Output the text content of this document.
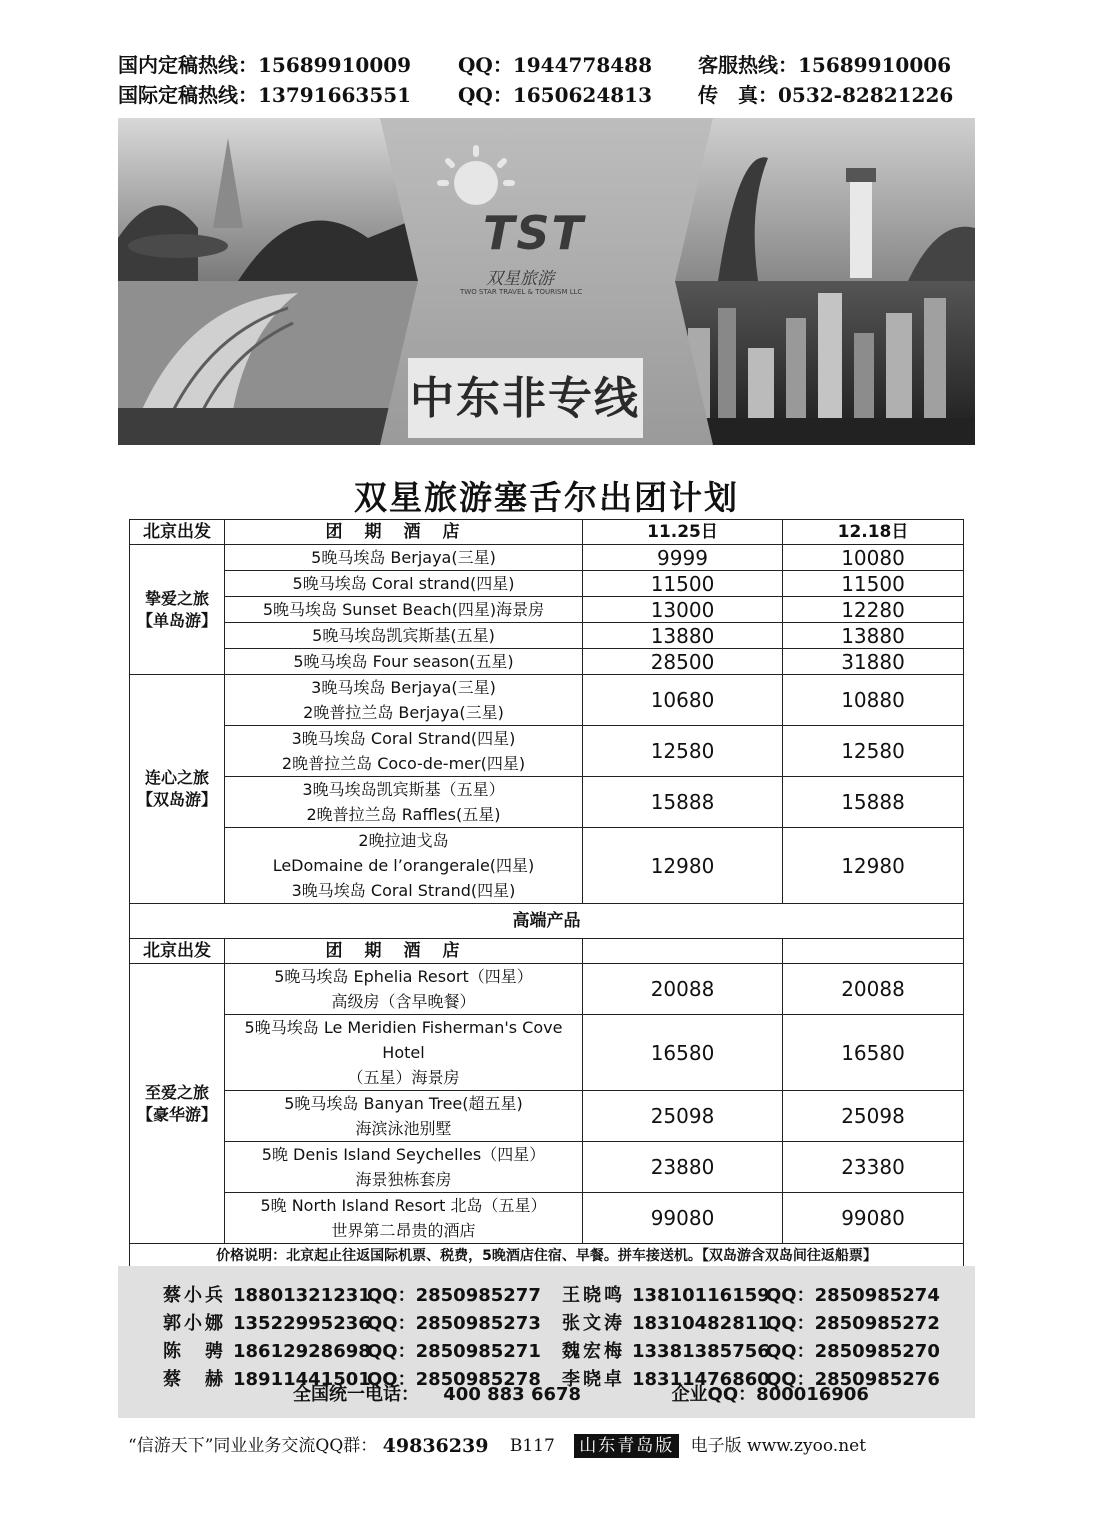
国内定稿热线：15689910009	QQ：1944778488	客服热线：15689910006
国际定稿热线：13791663551	QQ：1650624813	传　真：0532-82821226
TST
双星旅游
TWO STAR TRAVEL & TOURISM LLC
中东非专线
双星旅游塞舌尔出团计划
北京出发	团期酒店	11.25日	12.18日

挚爱之旅
【单岛游】	5晚马埃岛 Berjaya(三星)	9999	10080

	5晚马埃岛 Coral strand(四星)	11500	11500

	5晚马埃岛 Sunset Beach(四星)海景房	13000	12280

	5晚马埃岛凯宾斯基(五星)	13880	13880

	5晚马埃岛 Four season(五星)	28500	31880

连心之旅
【双岛游】	3晚马埃岛 Berjaya(三星)
2晚普拉兰岛 Berjaya(三星)	10680	10880

	3晚马埃岛 Coral Strand(四星)
2晚普拉兰岛 Coco-de-mer(四星)	12580	12580

	3晚马埃岛凯宾斯基（五星）
2晚普拉兰岛 Raffles(五星)	15888	15888

	2晚拉迪戈岛
LeDomaine de l’orangerale(四星)
3晚马埃岛 Coral Strand(四星)	12980	12980
高端产品			
北京出发	团期酒店		

至爱之旅
【豪华游】	5晚马埃岛 Ephelia Resort（四星）
高级房（含早晚餐）	20088	20088

	5晚马埃岛 Le Meridien Fisherman's Cove Hotel
（五星）海景房	16580	16580

	5晚马埃岛 Banyan Tree(超五星)
海滨泳池别墅	25098	25098

	5晚 Denis Island Seychelles（四星）
海景独栋套房	23880	23380

	5晚 North Island Resort 北岛（五星）
世界第二昂贵的酒店	99080	99080
价格说明：北京起止往返国际机票、税费，5晚酒店住宿、早餐。拼车接送机。【双岛游含双岛间往返船票】			

蔡小兵 18801321231QQ：2850985277 王晓鸣 13810116159QQ：2850985274
郭小娜 13522995236QQ：2850985273 张文涛 18310482811QQ：2850985272
陈　骋 18612928698QQ：2850985271 魏宏梅 13381385756QQ：2850985270
蔡　赫 18911441501QQ：2850985278 李晓卓 18311476860QQ：2850985276
全国统一电话： 400 883 6678	企业QQ：800016906
“信游天下”同业业务交流QQ群： 49836239 B117 山东青岛版 电子版 www.zyoo.net
